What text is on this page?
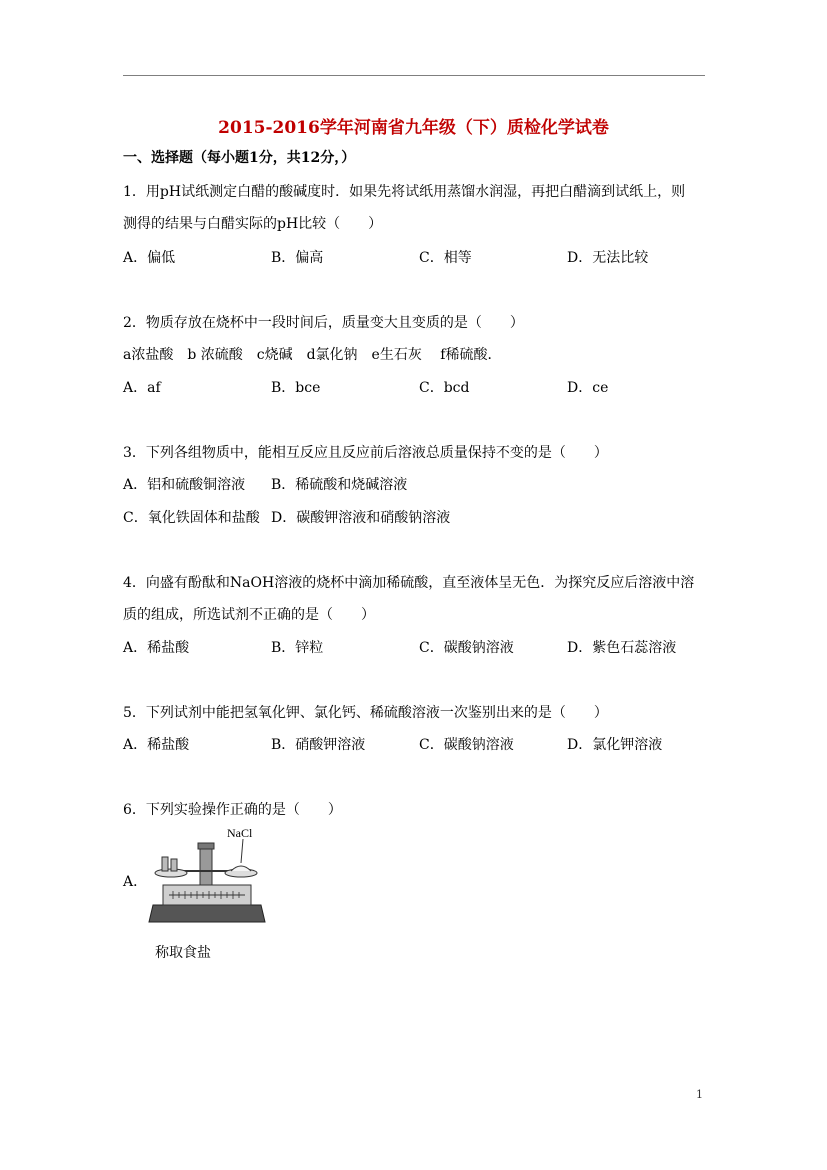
2015-2016学年河南省九年级（下）质检化学试卷
一、选择题（每小题1分，共12分，）
1．用pH试纸测定白醋的酸碱度时．如果先将试纸用蒸馏水润湿，再把白醋滴到试纸上，则
测得的结果与白醋实际的pH比较（　　）
A．偏低	B．偏高	C．相等	D．无法比较
2．物质存放在烧杯中一段时间后，质量变大且变质的是（　　）
a浓盐酸　b 浓硫酸　c烧碱　d氯化钠　e生石灰　 f稀硫酸．
A．af	B．bce	C．bcd	D．ce
3．下列各组物质中，能相互反应且反应前后溶液总质量保持不变的是（　　）
A．铝和硫酸铜溶液 B．稀硫酸和烧碱溶液
C．氧化铁固体和盐酸 D．碳酸钾溶液和硝酸钠溶液
4．向盛有酚酞和NaOH溶液的烧杯中滴加稀硫酸，直至液体呈无色．为探究反应后溶液中溶
质的组成，所选试剂不正确的是（　　）
A．稀盐酸	B．锌粒	C．碳酸钠溶液	D．紫色石蕊溶液
5．下列试剂中能把氢氧化钾、氯化钙、稀硫酸溶液一次鉴别出来的是（　　）
A．稀盐酸	B．硝酸钾溶液	C．碳酸钠溶液	D．氯化钾溶液
6．下列实验操作正确的是（　　）
A．
NaCl
称取食盐
1
